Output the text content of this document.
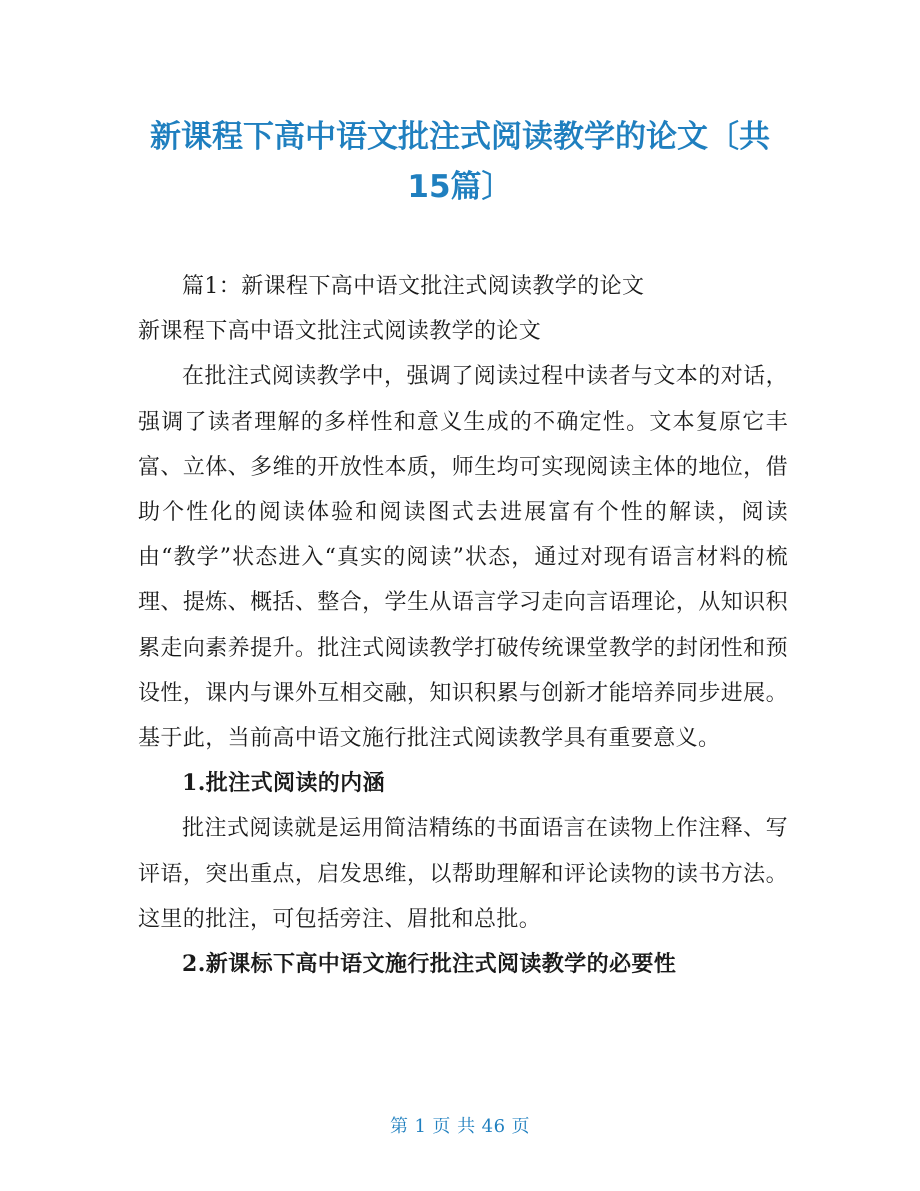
新课程下高中语文批注式阅读教学的论文〔共15篇〕

篇1：新课程下高中语文批注式阅读教学的论文

新课程下高中语文批注式阅读教学的论文

在批注式阅读教学中，强调了阅读过程中读者与文本的对话，强调了读者理解的多样性和意义生成的不确定性。文本复原它丰富、立体、多维的开放性本质，师生均可实现阅读主体的地位，借助个性化的阅读体验和阅读图式去进展富有个性的解读，阅读由“教学”状态进入“真实的阅读”状态，通过对现有语言材料的梳理、提炼、概括、整合，学生从语言学习走向言语理论，从知识积累走向素养提升。批注式阅读教学打破传统课堂教学的封闭性和预设性，课内与课外互相交融，知识积累与创新才能培养同步进展。基于此，当前高中语文施行批注式阅读教学具有重要意义。

1.批注式阅读的内涵

批注式阅读就是运用简洁精练的书面语言在读物上作注释、写评语，突出重点，启发思维，以帮助理解和评论读物的读书方法。这里的批注，可包括旁注、眉批和总批。

2.新课标下高中语文施行批注式阅读教学的必要性

第 1 页 共 46 页
